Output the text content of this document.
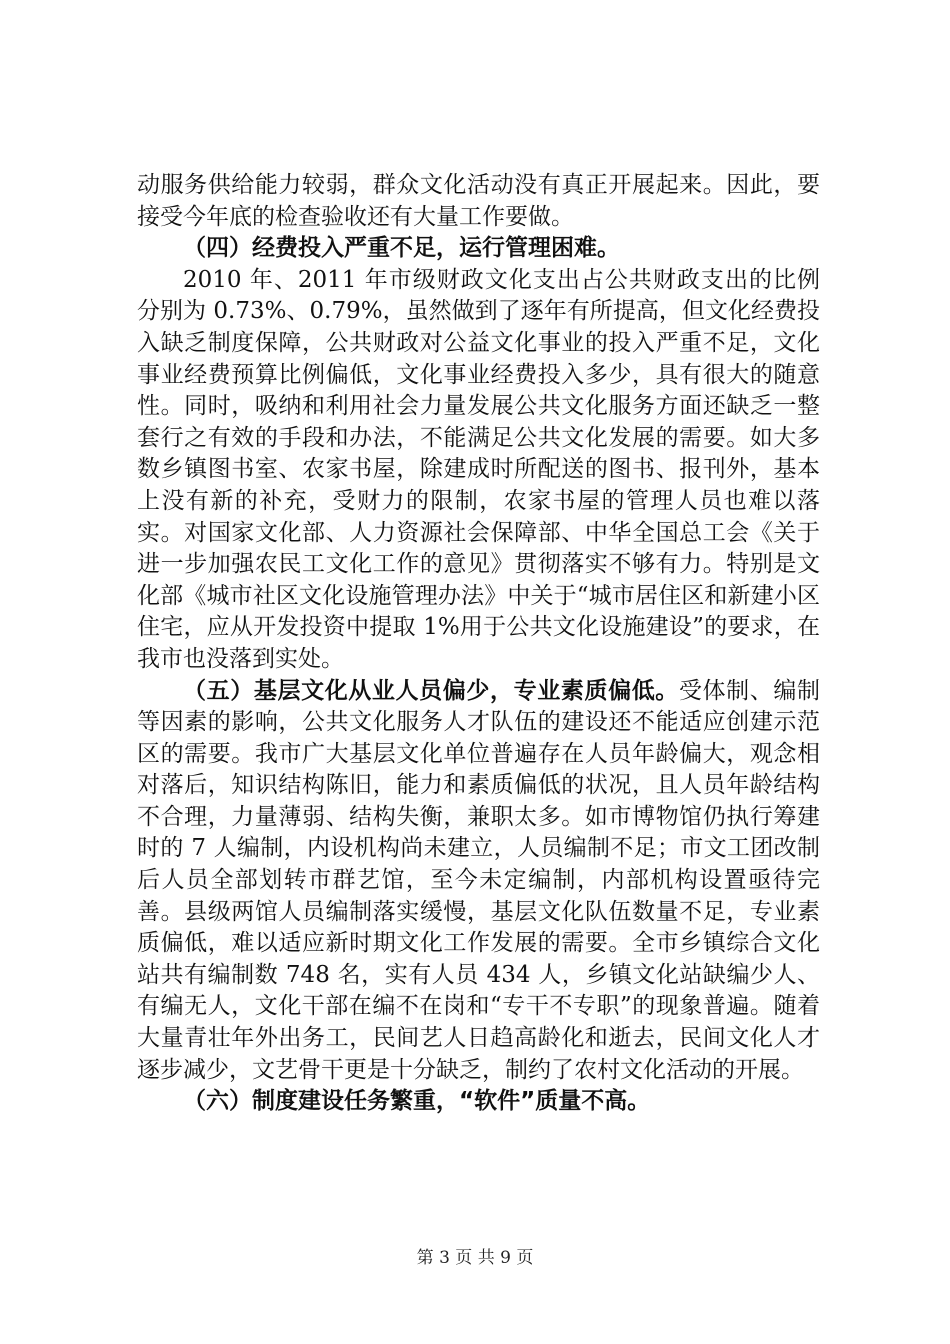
动服务供给能力较弱，群众文化活动没有真正开展起来。因此，要接受今年底的检查验收还有大量工作要做。

（四）经费投入严重不足，运行管理困难。

2010 年、2011 年市级财政文化支出占公共财政支出的比例分别为 0.73%、0.79%，虽然做到了逐年有所提高，但文化经费投入缺乏制度保障，公共财政对公益文化事业的投入严重不足，文化事业经费预算比例偏低，文化事业经费投入多少，具有很大的随意性。同时，吸纳和利用社会力量发展公共文化服务方面还缺乏一整套行之有效的手段和办法，不能满足公共文化发展的需要。如大多数乡镇图书室、农家书屋，除建成时所配送的图书、报刊外，基本上没有新的补充，受财力的限制，农家书屋的管理人员也难以落实。对国家文化部、人力资源社会保障部、中华全国总工会《关于进一步加强农民工文化工作的意见》贯彻落实不够有力。特别是文化部《城市社区文化设施管理办法》中关于“城市居住区和新建小区住宅，应从开发投资中提取 1%用于公共文化设施建设”的要求，在我市也没落到实处。

（五）基层文化从业人员偏少，专业素质偏低。受体制、编制等因素的影响，公共文化服务人才队伍的建设还不能适应创建示范区的需要。我市广大基层文化单位普遍存在人员年龄偏大，观念相对落后，知识结构陈旧，能力和素质偏低的状况，且人员年龄结构不合理，力量薄弱、结构失衡，兼职太多。如市博物馆仍执行筹建时的 7 人编制，内设机构尚未建立，人员编制不足；市文工团改制后人员全部划转市群艺馆，至今未定编制，内部机构设置亟待完善。县级两馆人员编制落实缓慢，基层文化队伍数量不足，专业素质偏低，难以适应新时期文化工作发展的需要。全市乡镇综合文化站共有编制数 748 名，实有人员 434 人，乡镇文化站缺编少人、有编无人，文化干部在编不在岗和“专干不专职”的现象普遍。随着大量青壮年外出务工，民间艺人日趋高龄化和逝去，民间文化人才逐步减少，文艺骨干更是十分缺乏，制约了农村文化活动的开展。

（六）制度建设任务繁重，“软件”质量不高。

第 3 页 共 9 页
